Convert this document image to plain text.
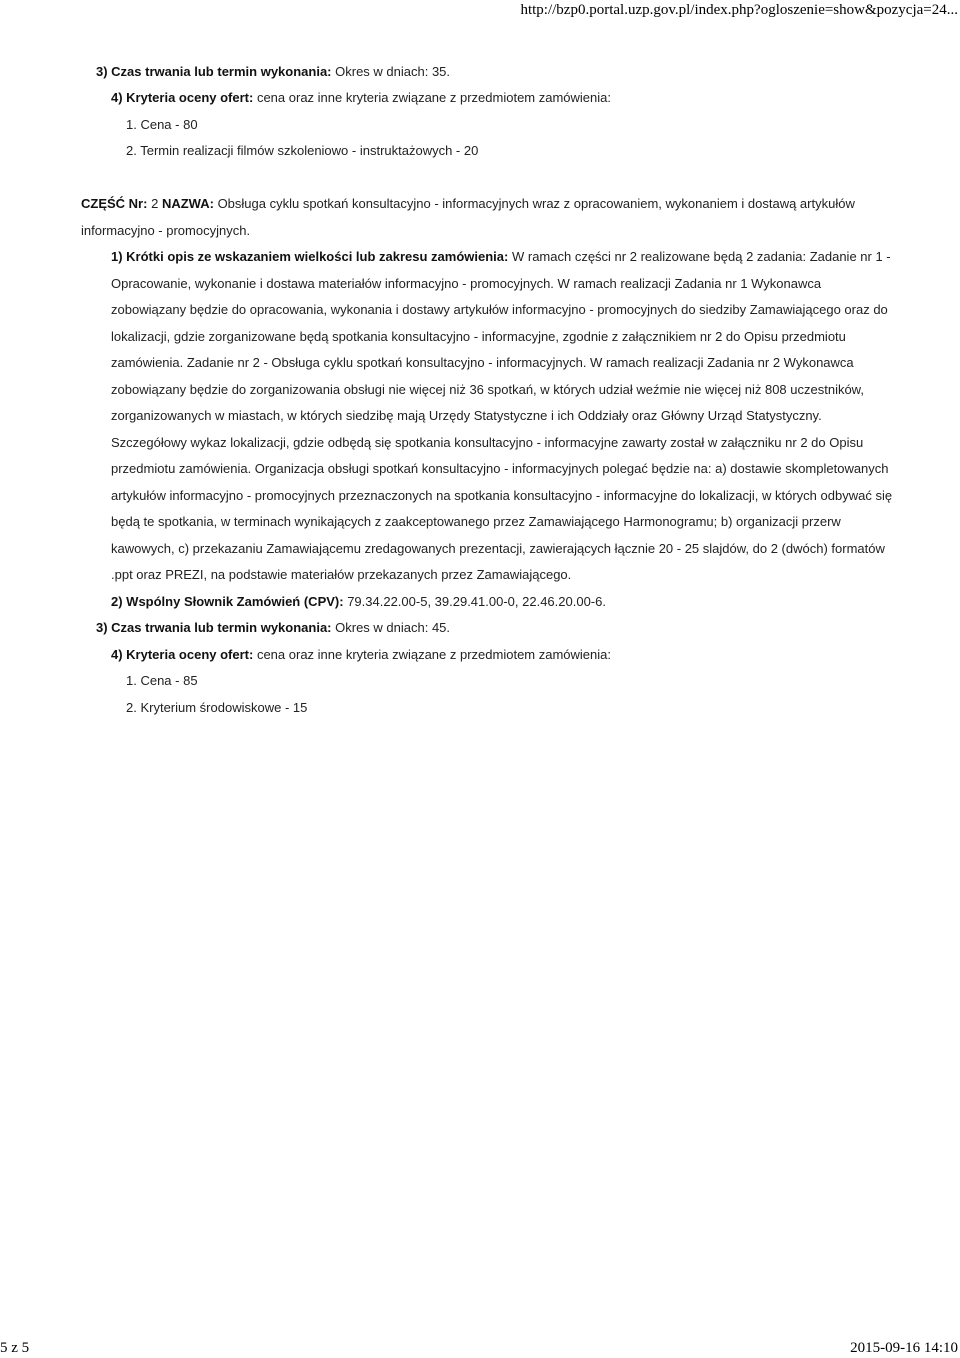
http://bzp0.portal.uzp.gov.pl/index.php?ogloszenie=show&pozycja=24...
3) Czas trwania lub termin wykonania: Okres w dniach: 35.
4) Kryteria oceny ofert: cena oraz inne kryteria związane z przedmiotem zamówienia:
1. Cena - 80
2. Termin realizacji filmów szkoleniowo - instruktażowych - 20
CZĘŚĆ Nr: 2 NAZWA: Obsługa cyklu spotkań konsultacyjno - informacyjnych wraz z opracowaniem, wykonaniem i dostawą artykułów
informacyjno - promocyjnych.
1) Krótki opis ze wskazaniem wielkości lub zakresu zamówienia: W ramach części nr 2 realizowane będą 2 zadania: Zadanie nr 1 -
Opracowanie, wykonanie i dostawa materiałów informacyjno - promocyjnych. W ramach realizacji Zadania nr 1 Wykonawca
zobowiązany będzie do opracowania, wykonania i dostawy artykułów informacyjno - promocyjnych do siedziby Zamawiającego oraz do
lokalizacji, gdzie zorganizowane będą spotkania konsultacyjno - informacyjne, zgodnie z załącznikiem nr 2 do Opisu przedmiotu
zamówienia. Zadanie nr 2 - Obsługa cyklu spotkań konsultacyjno - informacyjnych. W ramach realizacji Zadania nr 2 Wykonawca
zobowiązany będzie do zorganizowania obsługi nie więcej niż 36 spotkań, w których udział weźmie nie więcej niż 808 uczestników,
zorganizowanych w miastach, w których siedzibę mają Urzędy Statystyczne i ich Oddziały oraz Główny Urząd Statystyczny.
Szczegółowy wykaz lokalizacji, gdzie odbędą się spotkania konsultacyjno - informacyjne zawarty został w załączniku nr 2 do Opisu
przedmiotu zamówienia. Organizacja obsługi spotkań konsultacyjno - informacyjnych polegać będzie na: a) dostawie skompletowanych
artykułów informacyjno - promocyjnych przeznaczonych na spotkania konsultacyjno - informacyjne do lokalizacji, w których odbywać się
będą te spotkania, w terminach wynikających z zaakceptowanego przez Zamawiającego Harmonogramu; b) organizacji przerw
kawowych, c) przekazaniu Zamawiającemu zredagowanych prezentacji, zawierających łącznie 20 - 25 slajdów, do 2 (dwóch) formatów
.ppt oraz PREZI, na podstawie materiałów przekazanych przez Zamawiającego.
2) Wspólny Słownik Zamówień (CPV): 79.34.22.00-5, 39.29.41.00-0, 22.46.20.00-6.
3) Czas trwania lub termin wykonania: Okres w dniach: 45.
4) Kryteria oceny ofert: cena oraz inne kryteria związane z przedmiotem zamówienia:
1. Cena - 85
2. Kryterium środowiskowe - 15
5 z 5	2015-09-16 14:10
